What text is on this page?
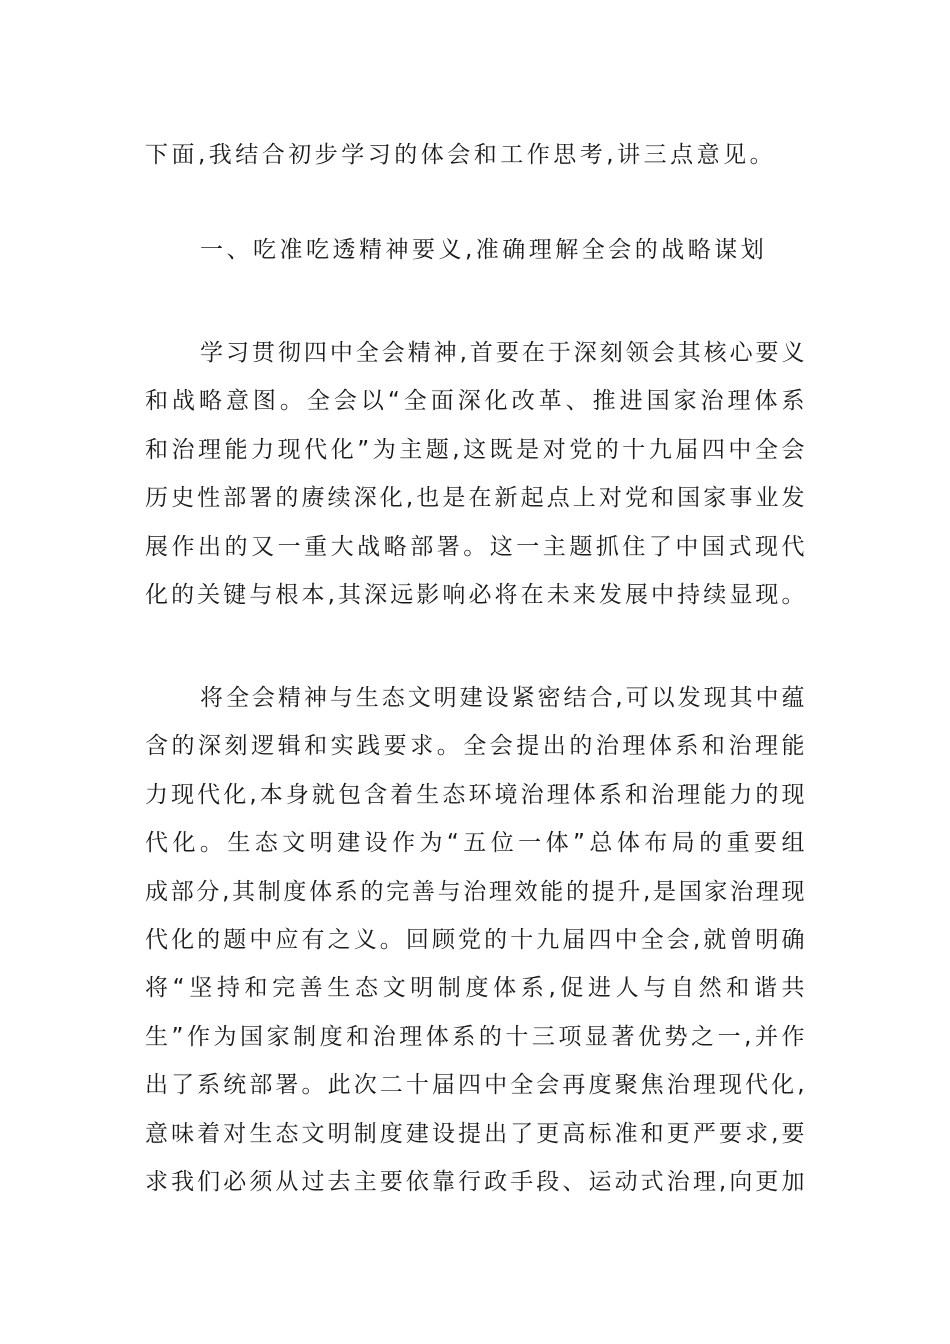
下面,我结合初步学习的体会和工作思考,讲三点意见。
一、吃准吃透精神要义,准确理解全会的战略谋划
学习贯彻四中全会精神,首要在于深刻领会其核心要义
和战略意图。全会以“全面深化改革、推进国家治理体系
和治理能力现代化”为主题,这既是对党的十九届四中全会
历史性部署的赓续深化,也是在新起点上对党和国家事业发
展作出的又一重大战略部署。这一主题抓住了中国式现代
化的关键与根本,其深远影响必将在未来发展中持续显现。
将全会精神与生态文明建设紧密结合,可以发现其中蕴
含的深刻逻辑和实践要求。全会提出的治理体系和治理能
力现代化,本身就包含着生态环境治理体系和治理能力的现
代化。生态文明建设作为“五位一体”总体布局的重要组
成部分,其制度体系的完善与治理效能的提升,是国家治理现
代化的题中应有之义。回顾党的十九届四中全会,就曾明确
将“坚持和完善生态文明制度体系,促进人与自然和谐共
生”作为国家制度和治理体系的十三项显著优势之一,并作
出了系统部署。此次二十届四中全会再度聚焦治理现代化,
意味着对生态文明制度建设提出了更高标准和更严要求,要
求我们必须从过去主要依靠行政手段、运动式治理,向更加
